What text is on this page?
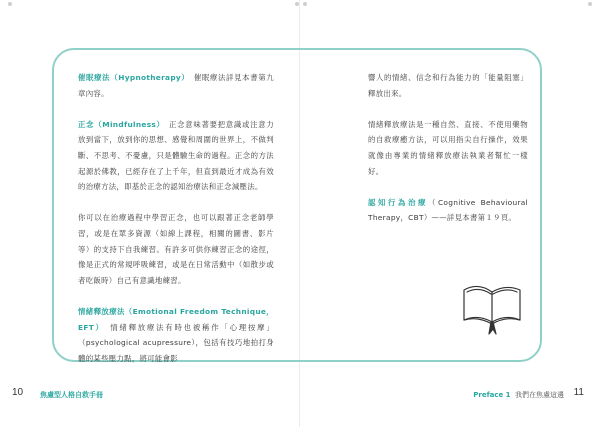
催眠療法（Hypnotherapy）　催眠療法詳見本書第九章內容。

正念（Mindfulness）　正念意味著要把意識或注意力放到當下，放到你的思想、感覺和周圍的世界上，不做判斷、不思考、不憂慮，只是體驗生命的過程。正念的方法起源於佛教，已經存在了上千年，但直到最近才成為有效的治療方法，即基於正念的認知治療法和正念減壓法。

你可以在治療過程中學習正念，也可以跟著正念老師學習，或是在眾多資源（如線上課程，相關的圖書、影片等）的支持下自我練習。有許多可供你練習正念的途徑，像是正式的常規呼吸練習，或是在日常活動中（如散步或者吃飯時）自己有意識地練習。

情緒釋放療法（Emotional Freedom Technique，EFT）　情緒釋放療法有時也被稱作「心理按摩」（psychological acupressure），包括有技巧地拍打身體的某些壓力點，將可能會影

響人的情緒、信念和行為能力的「能量阻塞」釋放出來。

情緒釋放療法是一種自然、直接、不使用藥物的自救療癒方法，可以用指尖自行操作，效果就像由專業的情緒釋放療法執業者幫忙一樣好。

認知行為治療（Cognitive Behavioural Therapy，CBT）——詳見本書第１９頁。

10 焦慮型人格自救手冊	Preface 1 我們在焦慮這邊 11
